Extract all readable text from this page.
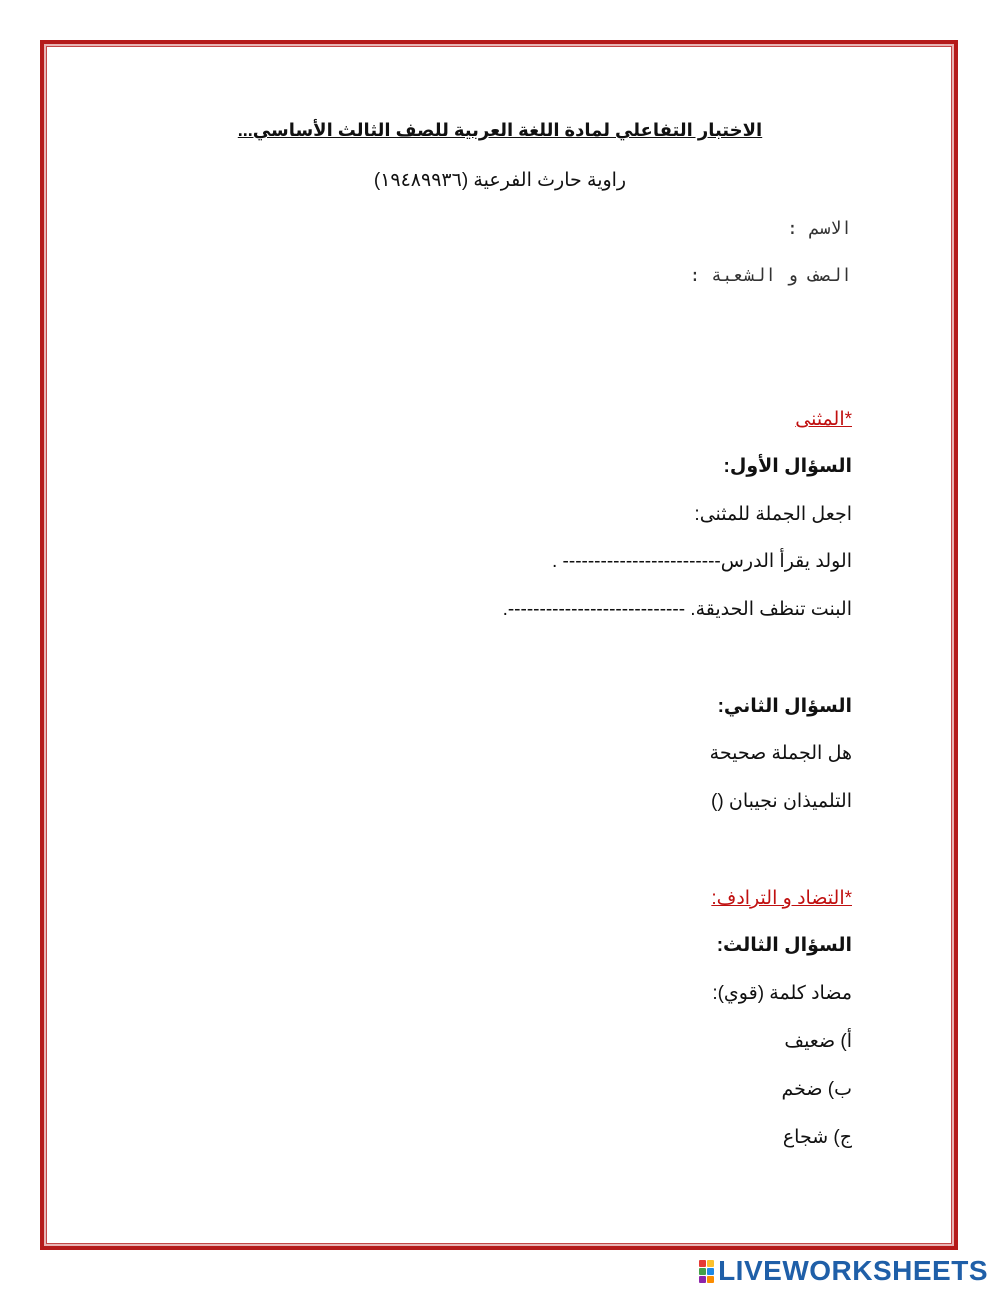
الاختبار التفاعلي لمادة اللغة العربية للصف الثالث الأساسي...
راوية حارث الفرعية (١٩٤٨٩٩٣٦)
الاسم :
الصف و الشعبة :
*المثنى
السؤال الأول:
اجعل الجملة للمثنى:
الولد يقرأ الدرس------------------------- .
البنت تنظف الحديقة. ----------------------------.
السؤال الثاني:
هل الجملة صحيحة
التلميذان نجيبان ()
*التضاد و الترادف:
السؤال الثالث:
مضاد كلمة (قوي):
أ) ضعيف
ب) ضخم
ج) شجاع
LIVEWORKSHEETS
